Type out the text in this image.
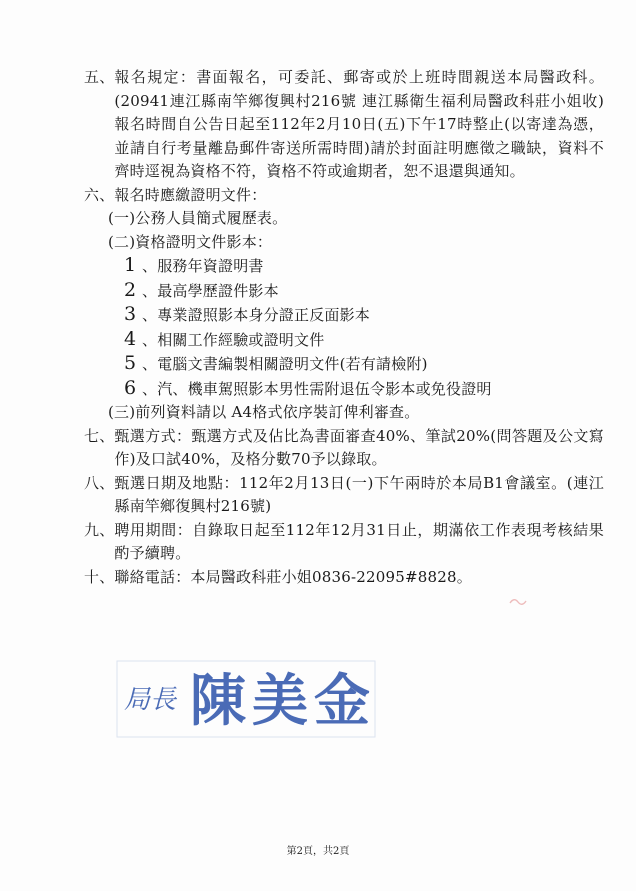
五、 報名規定：書面報名，可委託、郵寄或於上班時間親送本局醫政科。(20941連江縣南竿鄉復興村216號 連江縣衛生福利局醫政科莊小姐收)報名時間自公告日起至112年2月10日(五)下午17時整止(以寄達為憑，並請自行考量離島郵件寄送所需時間)請於封面註明應徵之職缺，資料不齊時逕視為資格不符，資格不符或逾期者，恕不退還與通知。
六、 報名時應繳證明文件：
(一)公務人員簡式履歷表。
(二)資格證明文件影本：
1 、服務年資證明書
2 、最高學歷證件影本
3 、專業證照影本身分證正反面影本
4 、相關工作經驗或證明文件
5 、電腦文書編製相關證明文件(若有請檢附)
6 、汽、機車駕照影本男性需附退伍令影本或免役證明
(三)前列資料請以 A4格式依序裝訂俾利審查。
七、 甄選方式：甄選方式及佔比為書面審查40%、筆試20%(問答題及公文寫作)及口試40%，及格分數70予以錄取。
八、 甄選日期及地點：112年2月13日(一)下午兩時於本局B1會議室。(連江縣南竿鄉復興村216號)
九、 聘用期間：自錄取日起至112年12月31日止，期滿依工作表現考核結果酌予續聘。
十、 聯絡電話：本局醫政科莊小姐0836-22095#8828。
局長 陳美金
第2頁，共2頁
